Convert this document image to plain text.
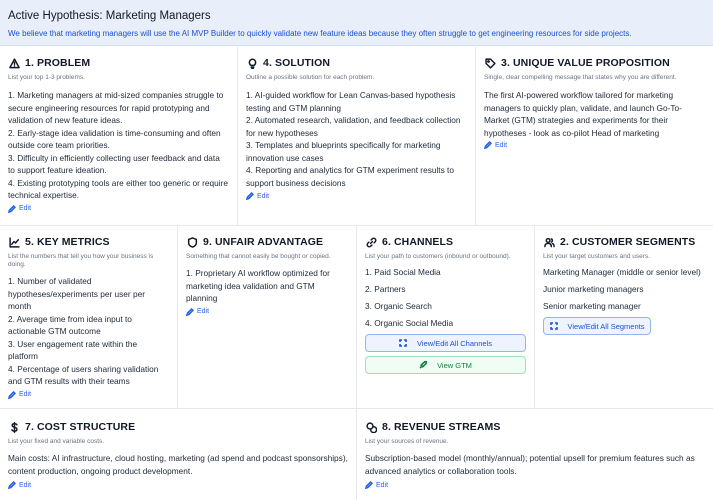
Active Hypothesis: Marketing Managers
We believe that marketing managers will use the AI MVP Builder to quickly validate new feature ideas because they often struggle to get engineering resources for side projects.
1. PROBLEM
List your top 1-3 problems.

1. Marketing managers at mid-sized companies struggle to secure engineering resources for rapid prototyping and validation of new feature ideas.

2. Early-stage idea validation is time-consuming and often outside core team priorities.

3. Difficulty in efficiently collecting user feedback and data to support feature ideation.

4. Existing prototyping tools are either too generic or require technical expertise.

Edit
4. SOLUTION
Outline a possible solution for each problem.

1. AI-guided workflow for Lean Canvas-based hypothesis testing and GTM planning

2. Automated research, validation, and feedback collection for new hypotheses

3. Templates and blueprints specifically for marketing innovation use cases

4. Reporting and analytics for GTM experiment results to support business decisions

Edit
3. UNIQUE VALUE PROPOSITION
Single, clear compelling message that states why you are different.
The first AI-powered workflow tailored for marketing managers to quickly plan, validate, and launch Go-To-Market (GTM) strategies and experiments for their hypotheses - look as co-pilot Head of marketing
Edit
5. KEY METRICS
List the numbers that tell you how your business is doing.

1. Number of validated hypotheses/experiments per user per month

2. Average time from idea input to actionable GTM outcome

3. User engagement rate within the platform

4. Percentage of users sharing validation and GTM results with their teams

Edit
9. UNFAIR ADVANTAGE
Something that cannot easily be bought or copied.
1. Proprietary AI workflow optimized for marketing idea validation and GTM planning
Edit
6. CHANNELS
List your path to customers (inbound or outbound).

1. Paid Social Media

2. Partners

3. Organic Search

4. Organic Social Media

View/Edit All Channels
View GTM
2. CUSTOMER SEGMENTS
List your target customers and users.

Marketing Manager (middle or senior level)

Junior marketing managers

Senior marketing manager

View/Edit All Segments
7. COST STRUCTURE
List your fixed and variable costs.
Main costs: AI infrastructure, cloud hosting, marketing (ad spend and podcast sponsorships), content production, ongoing product development.
Edit
8. REVENUE STREAMS
List your sources of revenue.
Subscription-based model (monthly/annual); potential upsell for premium features such as advanced analytics or collaboration tools.
Edit
